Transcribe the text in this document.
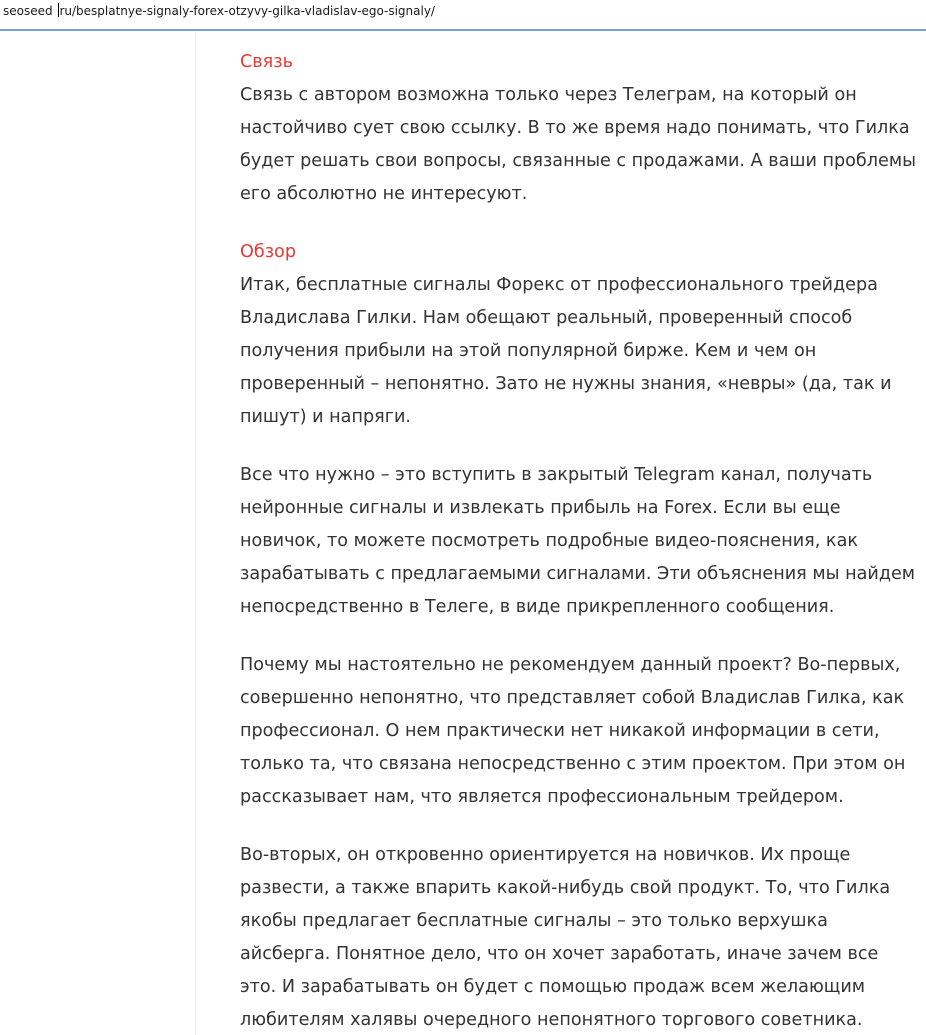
seoseed ru/besplatnye-signaly-forex-otzyvy-gilka-vladislav-ego-signaly/
Связь

Связь с автором возможна только через Телеграм, на который он настойчиво сует свою ссылку. В то же время надо понимать, что Гилка будет решать свои вопросы, связанные с продажами. А ваши проблемы его абсолютно не интересуют.

Обзор

Итак, бесплатные сигналы Форекс от профессионального трейдера Владислава Гилки. Нам обещают реальный, проверенный способ получения прибыли на этой популярной бирже. Кем и чем он проверенный – непонятно. Зато не нужны знания, «невры» (да, так и пишут) и напряги.

Все что нужно – это вступить в закрытый Telegram канал, получать нейронные сигналы и извлекать прибыль на Forex. Если вы еще новичок, то можете посмотреть подробные видео-пояснения, как зарабатывать с предлагаемыми сигналами. Эти объяснения мы найдем непосредственно в Телеге, в виде прикрепленного сообщения.

Почему мы настоятельно не рекомендуем данный проект? Во-первых, совершенно непонятно, что представляет собой Владислав Гилка, как профессионал. О нем практически нет никакой информации в сети, только та, что связана непосредственно с этим проектом. При этом он рассказывает нам, что является профессиональным трейдером.

Во-вторых, он откровенно ориентируется на новичков. Их проще развести, а также впарить какой-нибудь свой продукт. То, что Гилка якобы предлагает бесплатные сигналы – это только верхушка айсберга. Понятное дело, что он хочет заработать, иначе зачем все это. И зарабатывать он будет с помощью продаж всем желающим любителям халявы очередного непонятного торгового советника.
